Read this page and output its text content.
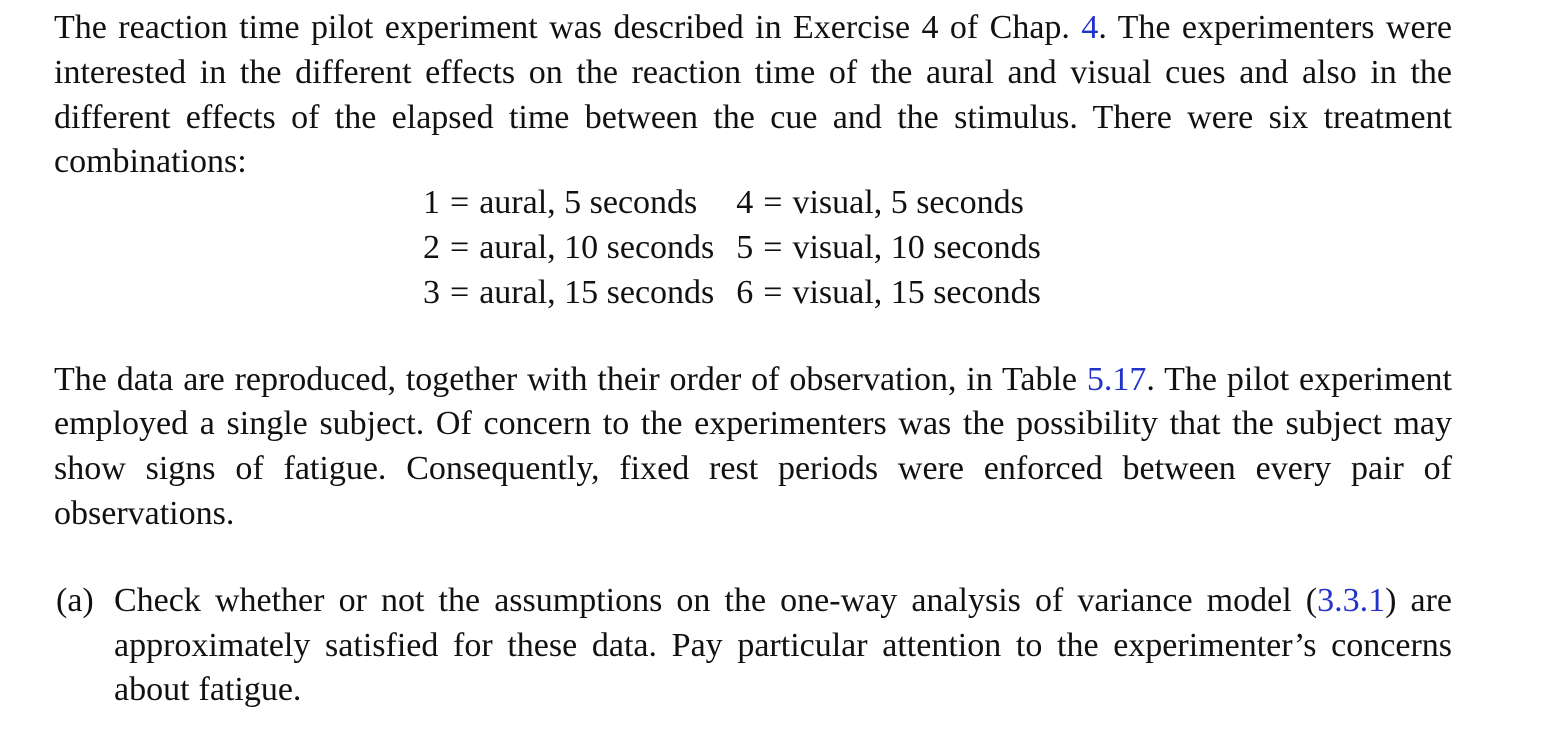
The reaction time pilot experiment was described in Exercise 4 of Chap. 4. The experimenters were interested in the different effects on the reaction time of the aural and visual cues and also in the different effects of the elapsed time between the cue and the stimulus. There were six treatment combinations:

1	=	aural, 5 seconds	4	=	visual, 5 seconds
2	=	aural, 10 seconds	5	=	visual, 10 seconds
3	=	aural, 15 seconds	6	=	visual, 15 seconds

The data are reproduced, together with their order of observation, in Table 5.17. The pilot experiment employed a single subject. Of concern to the experimenters was the possibility that the subject may show signs of fatigue. Consequently, fixed rest periods were enforced between every pair of observations.

(a) Check whether or not the assumptions on the one-way analysis of variance model (3.3.1) are approximately satisfied for these data. Pay particular attention to the experimenter’s concerns about fatigue.
